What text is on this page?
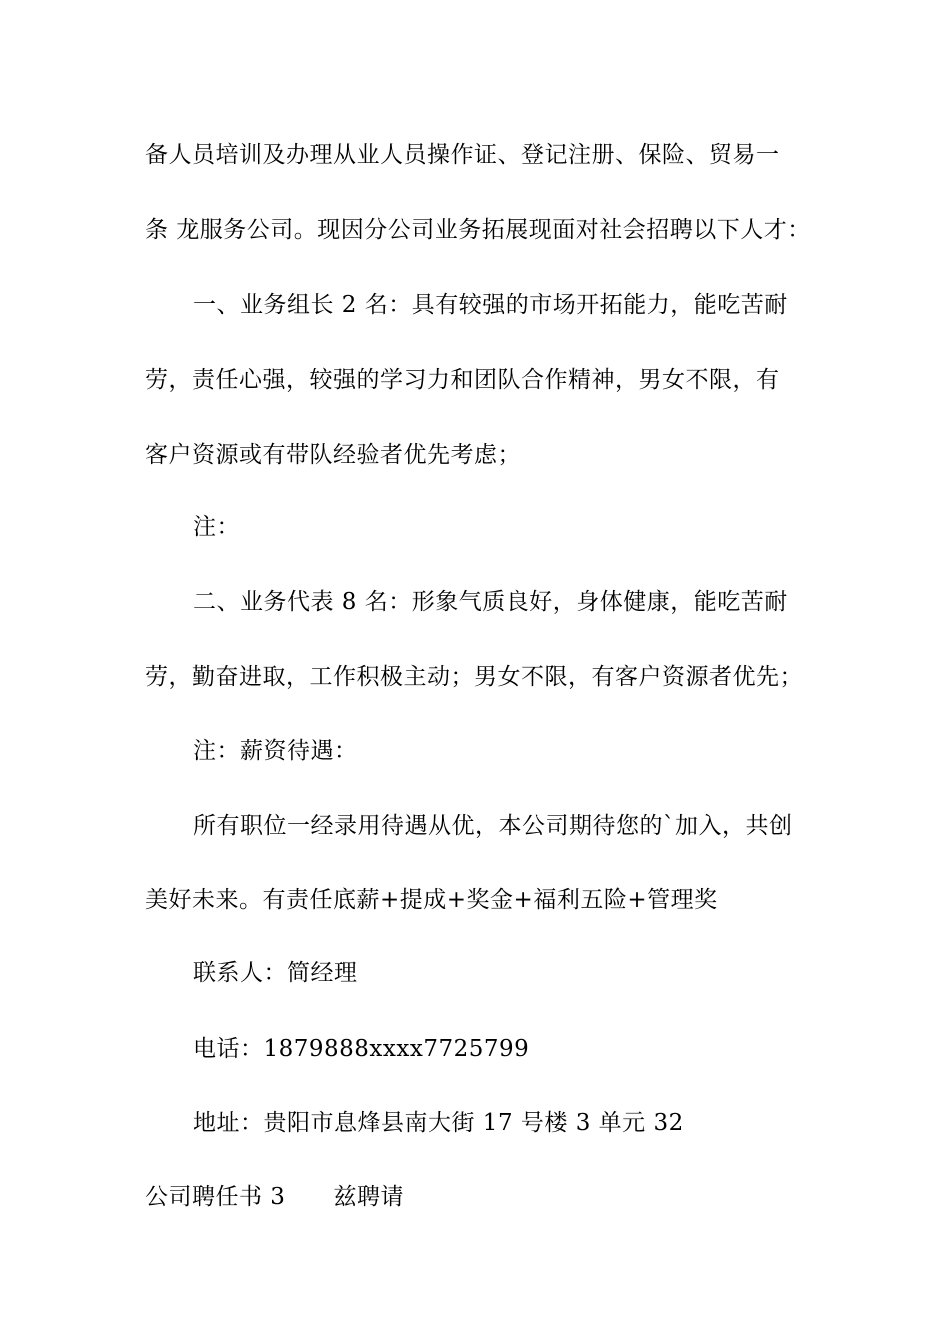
备人员培训及办理从业人员操作证、登记注册、保险、贸易一
条 龙服务公司。现因分公司业务拓展现面对社会招聘以下人才：
一、业务组长 2 名：具有较强的市场开拓能力，能吃苦耐
劳，责任心强，较强的学习力和团队合作精神，男女不限，有
客户资源或有带队经验者优先考虑；
注：
二、业务代表 8 名：形象气质良好，身体健康，能吃苦耐
劳，勤奋进取，工作积极主动；男女不限，有客户资源者优先；
注：薪资待遇：
所有职位一经录用待遇从优，本公司期待您的`加入，共创
美好未来。有责任底薪+提成+奖金+福利五险+管理奖
联系人：简经理
电话：1879888xxxx7725799
地址：贵阳市息烽县南大街 17 号楼 3 单元 32
公司聘任书 3 兹聘请
